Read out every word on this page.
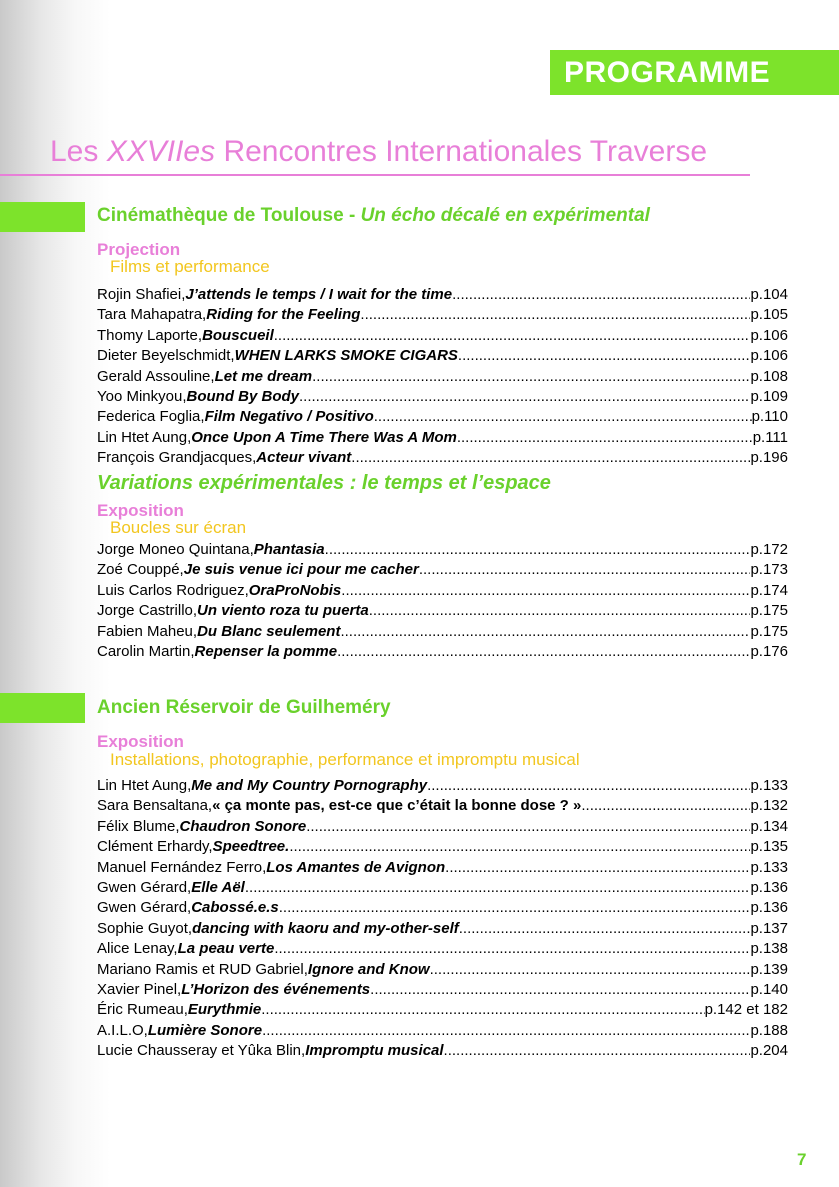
PROGRAMME
Les XXVIIes Rencontres Internationales Traverse
Cinémathèque de Toulouse - Un écho décalé en expérimental
Projection
Films et performance
Rojin Shafiei, J’attends le temps / I wait for the time .....	p.104
Tara Mahapatra, Riding for the Feeling .....	p.105
Thomy Laporte, Bouscueil .....	p.106
Dieter Beyelschmidt, WHEN LARKS SMOKE CIGARS .....	p.106
Gerald Assouline, Let me dream .....	p.108
Yoo Minkyou, Bound By Body .....	p.109
Federica Foglia, Film Negativo / Positivo .....	p.110
Lin Htet Aung, Once Upon A Time There Was A Mom .....	p.111
François Grandjacques, Acteur vivant .....	p.196
Variations expérimentales : le temps et l’espace
Exposition
Boucles sur écran
Jorge Moneo Quintana, Phantasia .....	p.172
Zoé Couppé, Je suis venue ici pour me cacher .....	p.173
Luis Carlos Rodriguez, OraProNobis .....	p.174
Jorge Castrillo, Un viento roza tu puerta .....	p.175
Fabien Maheu, Du Blanc seulement .....	p.175
Carolin Martin, Repenser la pomme .....	p.176
Ancien Réservoir de Guilheméry
Exposition
Installations, photographie, performance et impromptu musical
Lin Htet Aung, Me and My Country Pornography .....	p.133
Sara Bensaltana, « ça monte pas, est-ce que c’était la bonne dose ? » .....	p.132
Félix Blume, Chaudron Sonore .....	p.134
Clément Erhardy, Speedtree. .....	p.135
Manuel Fernández Ferro, Los Amantes de Avignon .....	p.133
Gwen Gérard, Elle Aël .....	p.136
Gwen Gérard, Cabossé.e.s .....	p.136
Sophie Guyot, dancing with kaoru and my-other-self .....	p.137
Alice Lenay, La peau verte .....	p.138
Mariano Ramis et RUD Gabriel, Ignore and Know .....	p.139
Xavier Pinel, L’Horizon des événements .....	p.140
Éric Rumeau, Eurythmie .....	p.142 et 182
A.I.L.O, Lumière Sonore .....	p.188
Lucie Chausseray et Yûka Blin, Impromptu musical .....	p.204
7
